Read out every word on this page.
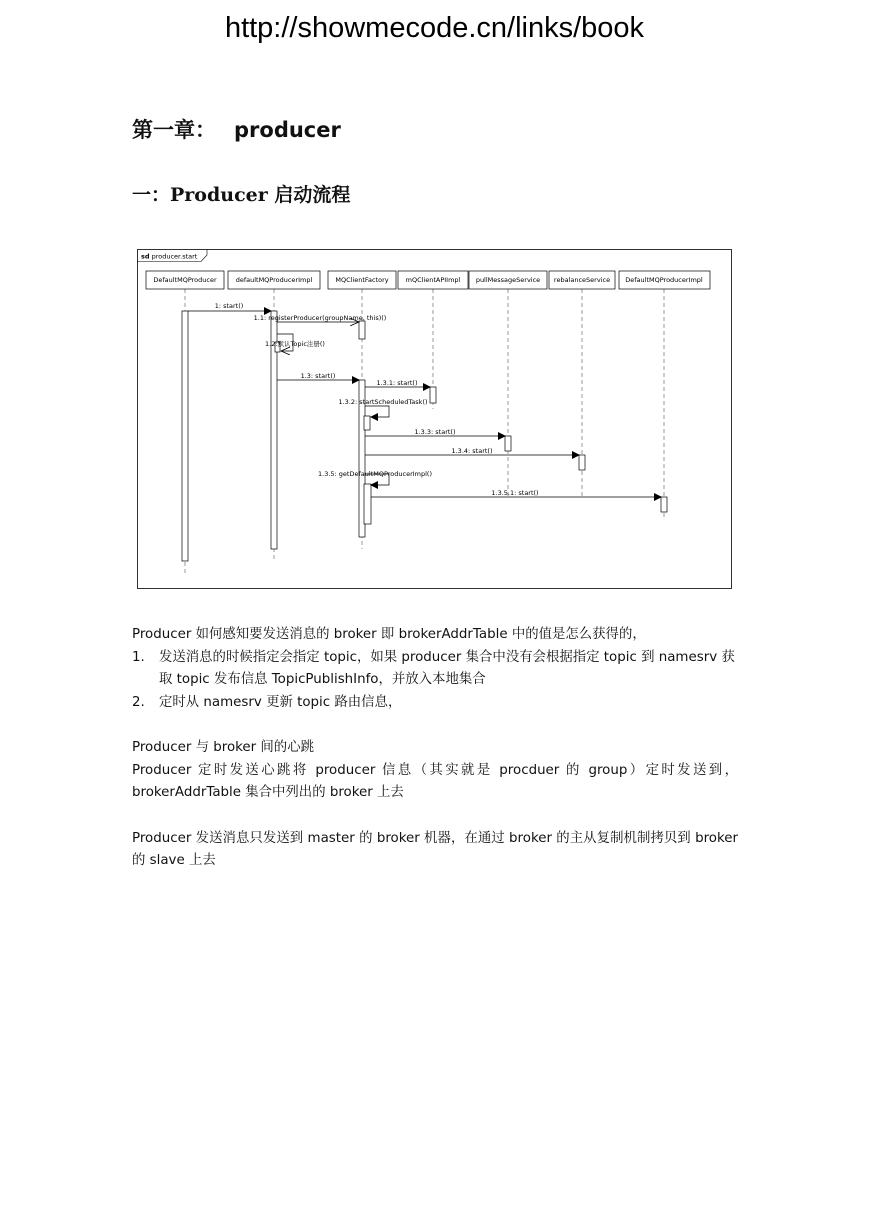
http://showmecode.cn/links/book
第一章： producer
一：Producer 启动流程
sd producer.start
DefaultMQProducer	defaultMQProducerImpl	MQClientFactory	mQClientAPIImpl pullMessageService rebalanceService DefaultMQProducerImpl
1: start()
1.1: registerProducer(groupName, this)()
1.2:默认Topic注册()
1.3: start()
1.3.1: start()
1.3.2: startScheduledTask()
1.3.3: start()
1.3.4: start()
1.3.5: getDefaultMQProducerImpl()
1.3.5.1: start()

Producer 如何感知要发送消息的 broker 即 brokerAddrTable 中的值是怎么获得的，

1. 发送消息的时候指定会指定 topic，如果 producer 集合中没有会根据指定 topic 到 namesrv 获取 topic 发布信息 TopicPublishInfo，并放入本地集合
2. 定时从 namesrv 更新 topic 路由信息，

Producer 与 broker 间的心跳

Producer 定时发送心跳将 producer 信息（其实就是 procduer 的 group）定时发送到，brokerAddrTable 集合中列出的 broker 上去

Producer 发送消息只发送到 master 的 broker 机器，在通过 broker 的主从复制机制拷贝到 broker 的 slave 上去
